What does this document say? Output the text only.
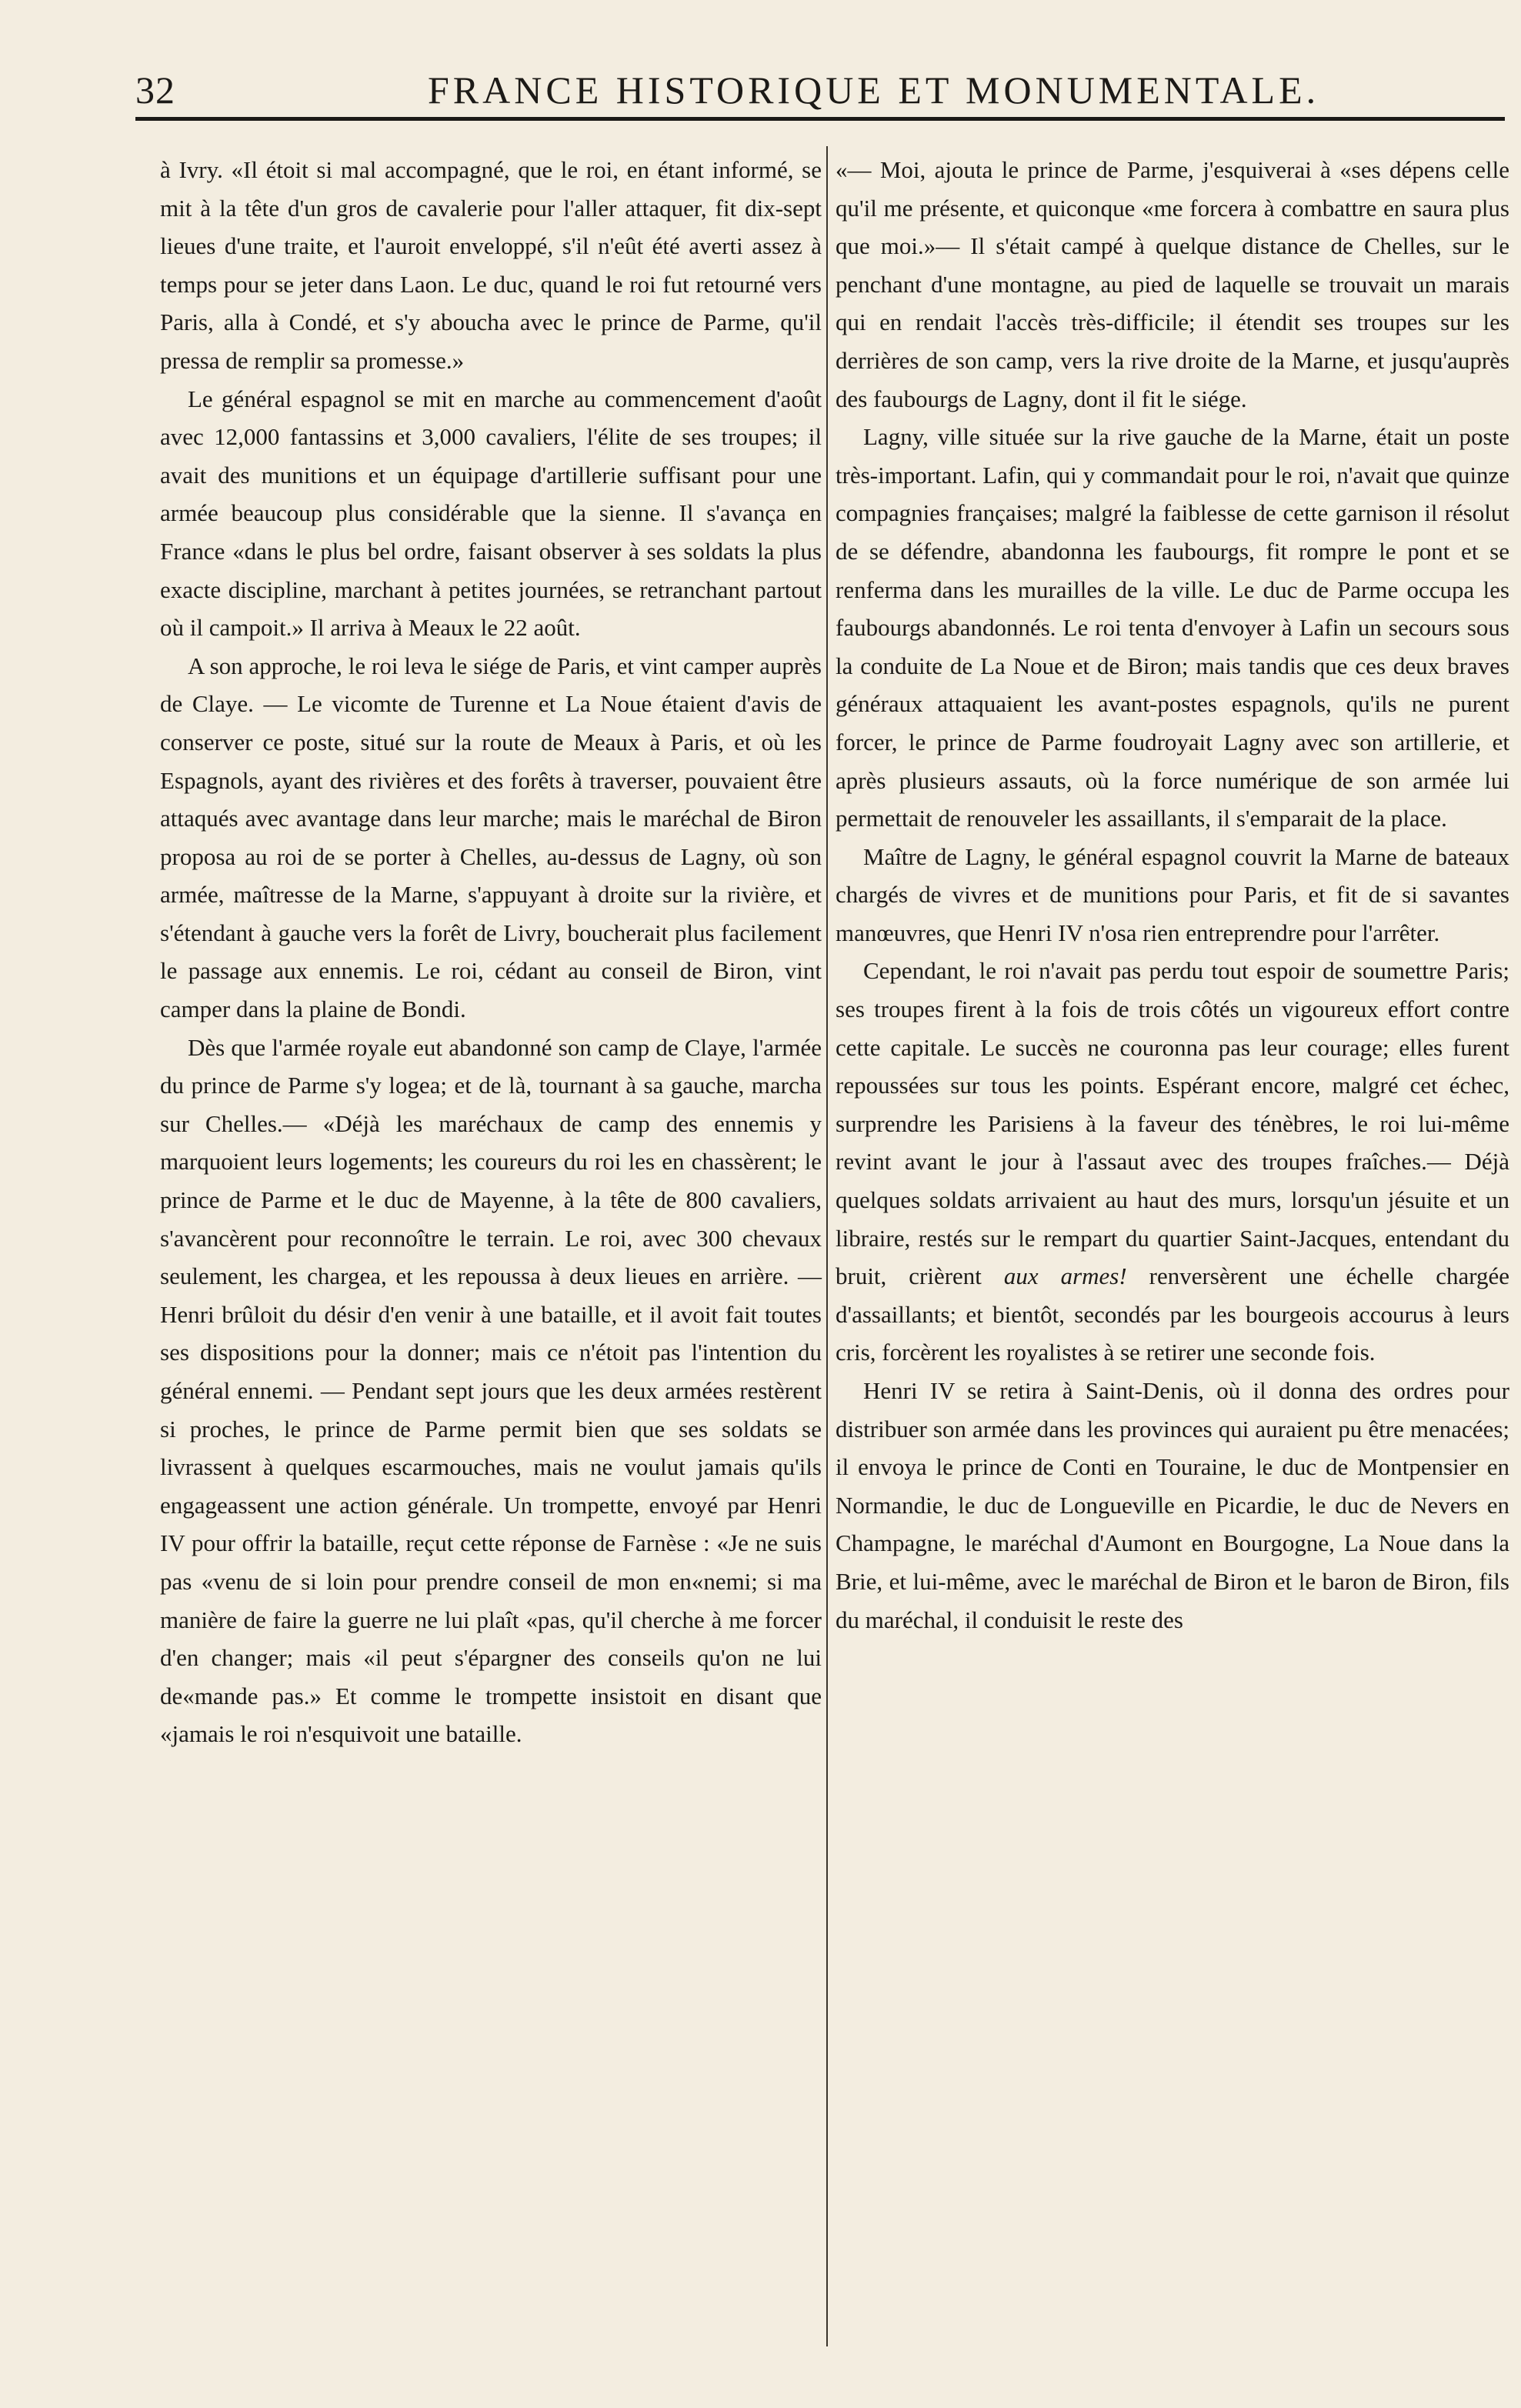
32	FRANCE HISTORIQUE ET MONUMENTALE.

à Ivry. «Il étoit si mal accompagné, que le roi, en étant informé, se mit à la tête d'un gros de cavalerie pour l'aller attaquer, fit dix-sept lieues d'une traite, et l'auroit enveloppé, s'il n'eût été averti assez à temps pour se jeter dans Laon. Le duc, quand le roi fut retourné vers Paris, alla à Condé, et s'y aboucha avec le prince de Parme, qu'il pressa de remplir sa promesse.»

Le général espagnol se mit en marche au commencement d'août avec 12,000 fantassins et 3,000 cavaliers, l'élite de ses troupes; il avait des munitions et un équipage d'artillerie suffisant pour une armée beaucoup plus considérable que la sienne. Il s'avança en France «dans le plus bel ordre, faisant observer à ses soldats la plus exacte discipline, marchant à petites journées, se retranchant partout où il campoit.» Il arriva à Meaux le 22 août.

A son approche, le roi leva le siége de Paris, et vint camper auprès de Claye. — Le vicomte de Turenne et La Noue étaient d'avis de conserver ce poste, situé sur la route de Meaux à Paris, et où les Espagnols, ayant des rivières et des forêts à traverser, pouvaient être attaqués avec avantage dans leur marche; mais le maréchal de Biron proposa au roi de se porter à Chelles, au-dessus de Lagny, où son armée, maîtresse de la Marne, s'appuyant à droite sur la rivière, et s'étendant à gauche vers la forêt de Livry, boucherait plus facilement le passage aux ennemis. Le roi, cédant au conseil de Biron, vint camper dans la plaine de Bondi.

Dès que l'armée royale eut abandonné son camp de Claye, l'armée du prince de Parme s'y logea; et de là, tournant à sa gauche, marcha sur Chelles.— «Déjà les maréchaux de camp des ennemis y marquoient leurs logements; les coureurs du roi les en chassèrent; le prince de Parme et le duc de Mayenne, à la tête de 800 cavaliers, s'avancèrent pour reconnoître le terrain. Le roi, avec 300 chevaux seulement, les chargea, et les repoussa à deux lieues en arrière. — Henri brûloit du désir d'en venir à une bataille, et il avoit fait toutes ses dispositions pour la donner; mais ce n'étoit pas l'intention du général ennemi. — Pendant sept jours que les deux armées restèrent si proches, le prince de Parme permit bien que ses soldats se livrassent à quelques escarmouches, mais ne voulut jamais qu'ils engageassent une action générale. Un trompette, envoyé par Henri IV pour offrir la bataille, reçut cette réponse de Farnèse : «Je ne suis pas «venu de si loin pour prendre conseil de mon en«nemi; si ma manière de faire la guerre ne lui plaît «pas, qu'il cherche à me forcer d'en changer; mais «il peut s'épargner des conseils qu'on ne lui de«mande pas.» Et comme le trompette insistoit en disant que «jamais le roi n'esquivoit une bataille.

«— Moi, ajouta le prince de Parme, j'esquiverai à «ses dépens celle qu'il me présente, et quiconque «me forcera à combattre en saura plus que moi.»— Il s'était campé à quelque distance de Chelles, sur le penchant d'une montagne, au pied de laquelle se trouvait un marais qui en rendait l'accès très-difficile; il étendit ses troupes sur les derrières de son camp, vers la rive droite de la Marne, et jusqu'auprès des faubourgs de Lagny, dont il fit le siége.

Lagny, ville située sur la rive gauche de la Marne, était un poste très-important. Lafin, qui y commandait pour le roi, n'avait que quinze compagnies françaises; malgré la faiblesse de cette garnison il résolut de se défendre, abandonna les faubourgs, fit rompre le pont et se renferma dans les murailles de la ville. Le duc de Parme occupa les faubourgs abandonnés. Le roi tenta d'envoyer à Lafin un secours sous la conduite de La Noue et de Biron; mais tandis que ces deux braves généraux attaquaient les avant-postes espagnols, qu'ils ne purent forcer, le prince de Parme foudroyait Lagny avec son artillerie, et après plusieurs assauts, où la force numérique de son armée lui permettait de renouveler les assaillants, il s'emparait de la place.

Maître de Lagny, le général espagnol couvrit la Marne de bateaux chargés de vivres et de munitions pour Paris, et fit de si savantes manœuvres, que Henri IV n'osa rien entreprendre pour l'arrêter.

Cependant, le roi n'avait pas perdu tout espoir de soumettre Paris; ses troupes firent à la fois de trois côtés un vigoureux effort contre cette capitale. Le succès ne couronna pas leur courage; elles furent repoussées sur tous les points. Espérant encore, malgré cet échec, surprendre les Parisiens à la faveur des ténèbres, le roi lui-même revint avant le jour à l'assaut avec des troupes fraîches.— Déjà quelques soldats arrivaient au haut des murs, lorsqu'un jésuite et un libraire, restés sur le rempart du quartier Saint-Jacques, entendant du bruit, crièrent aux armes! renversèrent une échelle chargée d'assaillants; et bientôt, secondés par les bourgeois accourus à leurs cris, forcèrent les royalistes à se retirer une seconde fois.

Henri IV se retira à Saint-Denis, où il donna des ordres pour distribuer son armée dans les provinces qui auraient pu être menacées; il envoya le prince de Conti en Touraine, le duc de Montpensier en Normandie, le duc de Longueville en Picardie, le duc de Nevers en Champagne, le maréchal d'Aumont en Bourgogne, La Noue dans la Brie, et lui-même, avec le maréchal de Biron et le baron de Biron, fils du maréchal, il conduisit le reste des
